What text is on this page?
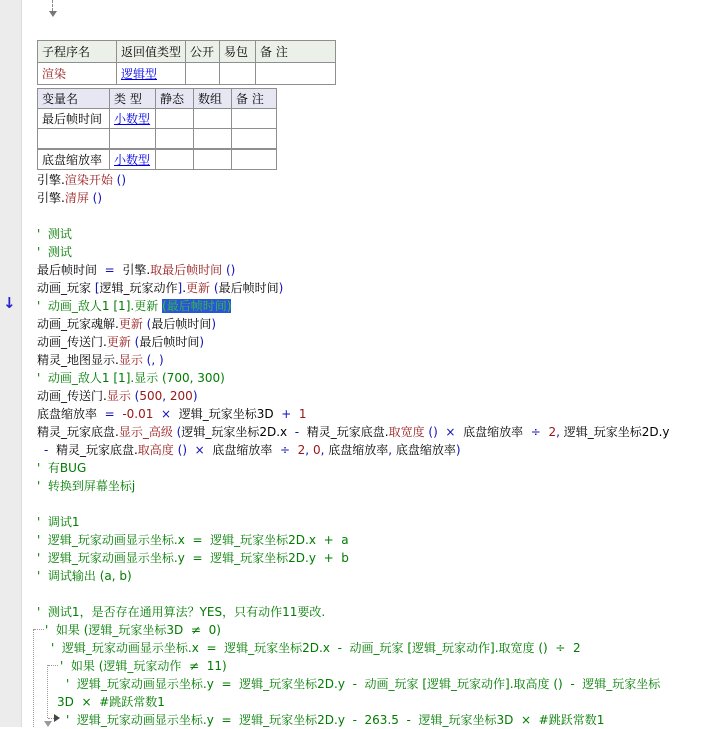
↓
子程序名	返回值类型	公开	易包	备 注
渲染	逻辑型			
变量名	类 型	静态	数组	备 注
最后帧时间	小数型			

底盘缩放率	小数型			
引擎.渲染开始 ()
引擎.清屏 ()
'  测试
'  测试
最后帧时间  =  引擎.取最后帧时间 ()
动画_玩家 [逻辑_玩家动作].更新 (最后帧时间)
'  动画_敌人1 [1].更新 (最后帧时间)
动画_玩家魂解.更新 (最后帧时间)
动画_传送门.更新 (最后帧时间)
精灵_地图显示.显示 (, )
'  动画_敌人1 [1].显示 (700, 300)
动画_传送门.显示 (500, 200)
底盘缩放率  =  -0.01  ×  逻辑_玩家坐标3D  +  1
精灵_玩家底盘.显示_高级 (逻辑_玩家坐标2D.x  -  精灵_玩家底盘.取宽度 ()  ×  底盘缩放率  ÷  2, 逻辑_玩家坐标2D.y
-  精灵_玩家底盘.取高度 ()  ×  底盘缩放率  ÷  2, 0, 底盘缩放率, 底盘缩放率)
'  有BUG
'  转换到屏幕坐标j
'  调试1
'  逻辑_玩家动画显示坐标.x  =  逻辑_玩家坐标2D.x  +  a
'  逻辑_玩家动画显示坐标.y  =  逻辑_玩家坐标2D.y  +  b
'  调试输出 (a, b)
'  测试1，是否存在通用算法？YES，只有动作11要改.
'  如果 (逻辑_玩家坐标3D  ≠  0)
'  逻辑_玩家动画显示坐标.x  =  逻辑_玩家坐标2D.x  -  动画_玩家 [逻辑_玩家动作].取宽度 ()  ÷  2
'  如果 (逻辑_玩家动作  ≠  11)
'  逻辑_玩家动画显示坐标.y  =  逻辑_玩家坐标2D.y  -  动画_玩家 [逻辑_玩家动作].取高度 ()  -  逻辑_玩家坐标
3D  ×  #跳跃常数1
'  逻辑_玩家动画显示坐标.y  =  逻辑_玩家坐标2D.y  -  263.5  -  逻辑_玩家坐标3D  ×  #跳跃常数1
